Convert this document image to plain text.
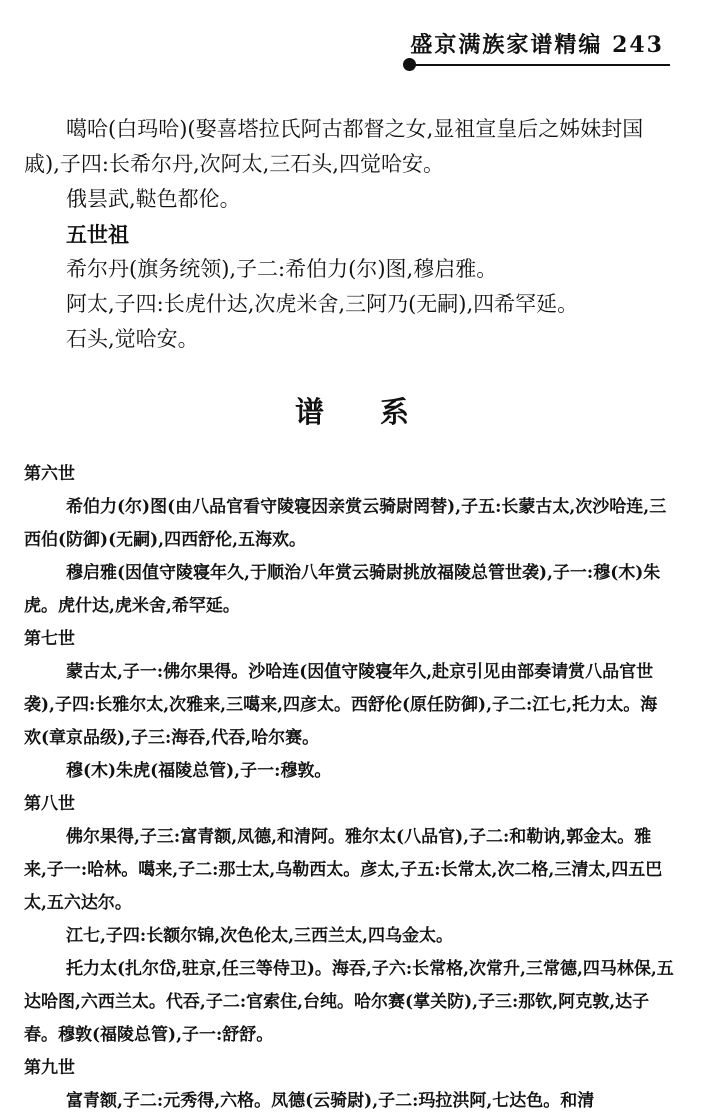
盛京满族家谱精编 243

噶哈(白玛哈)(娶喜塔拉氏阿古都督之女,显祖宣皇后之姊妹封国戚),子四:长希尔丹,次阿太,三石头,四觉哈安。

俄昙武,鞑色都伦。

五世祖

希尔丹(旗务统领),子二:希伯力(尔)图,穆启雅。

阿太,子四:长虎什达,次虎米舍,三阿乃(无嗣),四希罕延。

石头,觉哈安。

谱系

第六世

希伯力(尔)图(由八品官看守陵寝因亲赏云骑尉罔替),子五:长蒙古太,次沙哈连,三西伯(防御)(无嗣),四西舒伦,五海欢。

穆启雅(因值守陵寝年久,于顺治八年赏云骑尉挑放福陵总管世袭),子一:穆(木)朱虎。虎什达,虎米舍,希罕延。

第七世

蒙古太,子一:佛尔果得。沙哈连(因值守陵寝年久,赴京引见由部奏请赏八品官世袭),子四:长雅尔太,次雅来,三噶来,四彦太。西舒伦(原任防御),子二:江七,托力太。海欢(章京品级),子三:海吞,代吞,哈尔赛。

穆(木)朱虎(福陵总管),子一:穆敦。

第八世

佛尔果得,子三:富青额,凤德,和清阿。雅尔太(八品官),子二:和勒讷,郭金太。雅来,子一:哈林。噶来,子二:那士太,乌勒西太。彦太,子五:长常太,次二格,三清太,四五巴太,五六达尔。

江七,子四:长额尔锦,次色伦太,三西兰太,四乌金太。

托力太(扎尔岱,驻京,任三等侍卫)。海吞,子六:长常格,次常升,三常德,四马林保,五达哈图,六西兰太。代吞,子二:官索住,台纯。哈尔赛(掌关防),子三:那钦,阿克敦,达子春。穆敦(福陵总管),子一:舒舒。

第九世

富青额,子二:元秀得,六格。凤德(云骑尉),子二:玛拉洪阿,七达色。和清
